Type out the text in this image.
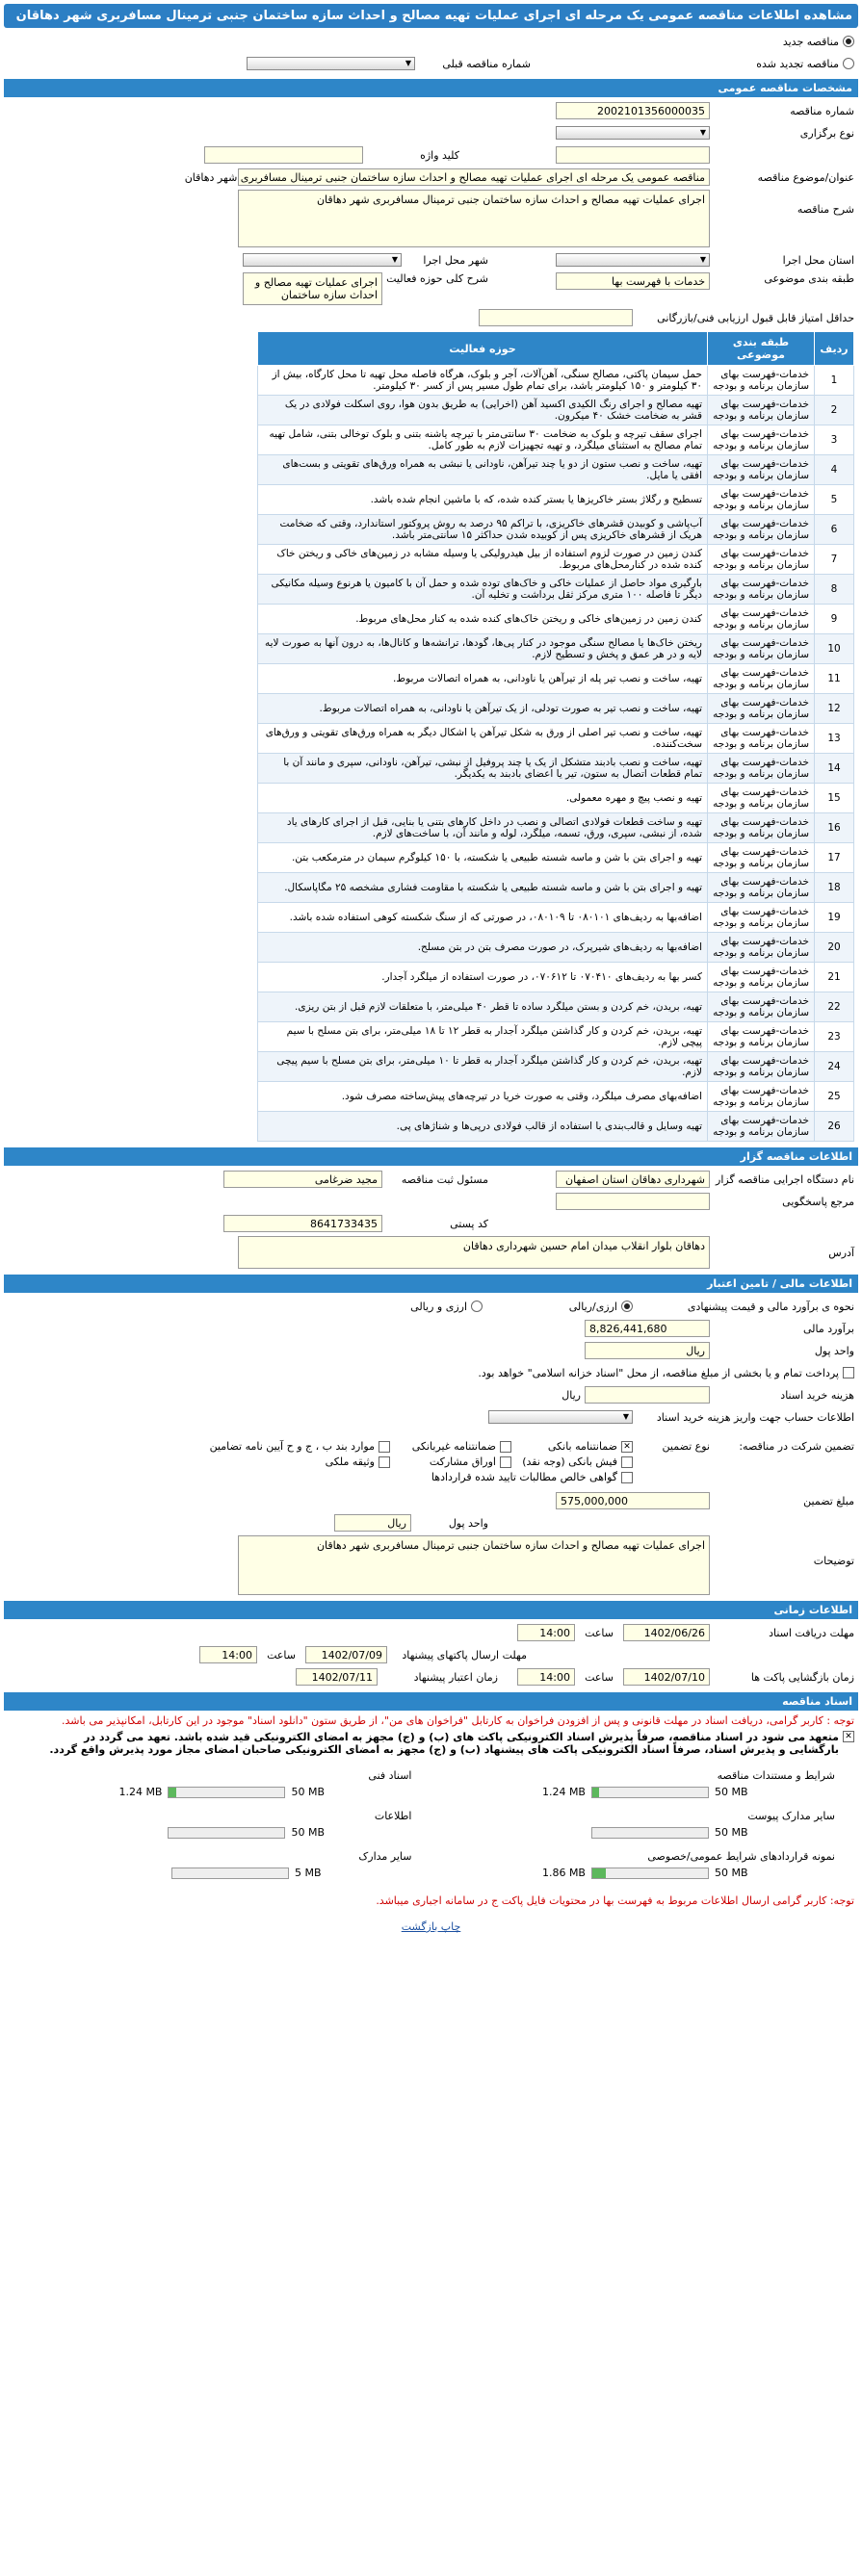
مشاهده اطلاعات مناقصه عمومی یک مرحله ای اجرای عملیات تهیه مصالح و احداث سازه ساختمان جنبی ترمینال مسافربری شهر دهاقان
مناقصه جدید
مناقصه تجدید شده
شماره مناقصه قبلی
▼
مشخصات مناقصه عمومی
شماره مناقصه
2002101356000035
نوع برگزاری
▼
کلید واژه
عنوان/موضوع مناقصه
مناقصه عمومی یک مرحله ای اجرای عملیات تهیه مصالح و احداث سازه ساختمان جنبی ترمینال مسافربری شهر دهاقان
شرح مناقصه
اجرای عملیات تهیه مصالح و احداث سازه ساختمان جنبی ترمینال مسافربری شهر دهاقان
استان محل اجرا
▼
شهر محل اجرا
▼
طبقه بندی موضوعی
خدمات با فهرست بها
شرح کلی حوزه فعالیت
اجرای عملیات تهیه مصالح و احداث سازه ساختمان
حداقل امتیاز قابل قبول ارزیابی فنی/بازرگانی
ردیف	طبقه بندی موضوعی	حوزه فعالیت
1	خدمات-فهرست بهای سازمان برنامه و بودجه	حمل سیمان پاکتی، مصالح سنگی، آهن‌آلات، آجر و بلوک، هرگاه فاصله محل تهیه تا محل کارگاه، بیش از ۳۰ کیلومتر و ۱۵۰ کیلومتر باشد، برای تمام طول مسیر پس از کسر ۳۰ کیلومتر.
2	خدمات-فهرست بهای سازمان برنامه و بودجه	تهیه مصالح و اجرای رنگ الکیدی اکسید آهن (اخرایی) به طریق بدون هوا، روی اسکلت فولادی در یک قشر به ضخامت خشک ۴۰ میکرون.
3	خدمات-فهرست بهای سازمان برنامه و بودجه	اجرای سقف تیرچه و بلوک به ضخامت ۳۰ سانتی‌متر با تیرچه یاشنه بتنی و بلوک توخالی بتنی، شامل تهیه تمام مصالح به استثنای میلگرد، و تهیه تجهیزات لازم به طور کامل.
4	خدمات-فهرست بهای سازمان برنامه و بودجه	تهیه، ساخت و نصب ستون از دو یا چند تیرآهن، ناودانی یا نبشی به همراه ورق‌های تقویتی و بست‌های افقی یا مایل.
5	خدمات-فهرست بهای سازمان برنامه و بودجه	تسطیح و رگلاژ بستر خاکریزها یا بستر کنده شده، که با ماشین انجام شده باشد.
6	خدمات-فهرست بهای سازمان برنامه و بودجه	آب‌پاشی و کوبیدن قشرهای خاکریزی، با تراکم ۹۵ درصد به روش پروکتور استاندارد، وقتی که ضخامت هریک از قشرهای خاکریزی پس از کوبیده شدن حداکثر ۱۵ سانتی‌متر باشد.
7	خدمات-فهرست بهای سازمان برنامه و بودجه	کندن زمین در صورت لزوم استفاده از بیل هیدرولیکی یا وسیله مشابه در زمین‌های خاکی و ریختن خاک کنده شده در کنارمحل‌های مربوط.
8	خدمات-فهرست بهای سازمان برنامه و بودجه	بارگیری مواد حاصل از عملیات خاکی و خاک‌های توده شده و حمل آن با کامیون یا هرنوع وسیله مکانیکی دیگر تا فاصله ۱۰۰ متری مرکز ثقل برداشت و تخلیه آن.
9	خدمات-فهرست بهای سازمان برنامه و بودجه	کندن زمین در زمین‌های خاکی و ریختن خاک‌های کنده شده به کنار محل‌های مربوط.
10	خدمات-فهرست بهای سازمان برنامه و بودجه	ریختن خاک‌ها یا مصالح سنگی موجود در کنار پی‌ها، گودها، ترانشه‌ها و کانال‌ها، به درون آنها به صورت لایه لایه و در هر عمق و پخش و تسطیح لازم.
11	خدمات-فهرست بهای سازمان برنامه و بودجه	تهیه، ساخت و نصب تیر پله از تیرآهن یا ناودانی، به همراه اتصالات مربوط.
12	خدمات-فهرست بهای سازمان برنامه و بودجه	تهیه، ساخت و نصب تیر به صورت تودلی، از یک تیرآهن یا ناودانی، به همراه اتصالات مربوط.
13	خدمات-فهرست بهای سازمان برنامه و بودجه	تهیه، ساخت و نصب تیر اصلی از ورق به شکل تیرآهن یا اشکال دیگر به همراه ورق‌های تقویتی و ورق‌های سخت‌کننده.
14	خدمات-فهرست بهای سازمان برنامه و بودجه	تهیه، ساخت و نصب بادبند متشکل از یک یا چند پروفیل از نبشی، تیرآهن، ناودانی، سپری و مانند آن با تمام قطعات اتصال به ستون، تیر یا اعضای بادبند به یکدیگر.
15	خدمات-فهرست بهای سازمان برنامه و بودجه	تهیه و نصب پیچ و مهره معمولی.
16	خدمات-فهرست بهای سازمان برنامه و بودجه	تهیه و ساخت قطعات فولادی اتصالی و نصب در داخل کارهای بتنی یا بنایی، قبل از اجرای کارهای یاد شده، از نبشی، سپری، ورق، تسمه، میلگرد، لوله و مانند آن، با ساخت‌های لازم.
17	خدمات-فهرست بهای سازمان برنامه و بودجه	تهیه و اجرای بتن با شن و ماسه شسته طبیعی یا شکسته، با ۱۵۰ کیلوگرم سیمان در مترمکعب بتن.
18	خدمات-فهرست بهای سازمان برنامه و بودجه	تهیه و اجرای بتن با شن و ماسه شسته طبیعی یا شکسته با مقاومت فشاری مشخصه ۲۵ مگاپاسکال.
19	خدمات-فهرست بهای سازمان برنامه و بودجه	اضافه‌بها به ردیف‌های ۰۸۰۱۰۱ تا ۰۸۰۱۰۹، در صورتی که از سنگ شکسته کوهی استفاده شده باشد.
20	خدمات-فهرست بهای سازمان برنامه و بودجه	اضافه‌بها به ردیف‌های شیرپرک، در صورت مصرف بتن در بتن مسلح.
21	خدمات-فهرست بهای سازمان برنامه و بودجه	کسر بها به ردیف‌های ۰۷۰۴۱۰ تا ۰۷۰۶۱۲، در صورت استفاده از میلگرد آجدار.
22	خدمات-فهرست بهای سازمان برنامه و بودجه	تهیه، بریدن، خم کردن و بستن میلگرد ساده تا قطر ۴۰ میلی‌متر، با متعلقات لازم قبل از بتن ریزی.
23	خدمات-فهرست بهای سازمان برنامه و بودجه	تهیه، بریدن، خم کردن و کار گذاشتن میلگرد آجدار به قطر ۱۲ تا ۱۸ میلی‌متر، برای بتن مسلح با سیم پیچی لازم.
24	خدمات-فهرست بهای سازمان برنامه و بودجه	تهیه، بریدن، خم کردن و کار گذاشتن میلگرد آجدار به قطر تا ۱۰ میلی‌متر، برای بتن مسلح با سیم پیچی لازم.
25	خدمات-فهرست بهای سازمان برنامه و بودجه	اضافه‌بهای مصرف میلگرد، وقتی به صورت خریا در تیرچه‌های پیش‌ساخته مصرف شود.
26	خدمات-فهرست بهای سازمان برنامه و بودجه	تهیه وسایل و قالب‌بندی با استفاده از قالب فولادی درپی‌ها و شناژهای پی.
اطلاعات مناقصه گزار
نام دستگاه اجرایی مناقصه گزار
شهرداری دهاقان استان اصفهان
مسئول ثبت مناقصه
مجید ضرغامی
مرجع پاسخگویی
کد پستی
8641733435
آدرس
دهاقان بلوار انقلاب میدان امام حسین شهرداری دهاقان
اطلاعات مالی / تامین اعتبار
نحوه ی برآورد مالی و قیمت پیشنهادی
ارزی/ریالی
ارزی و ریالی
برآورد مالی
8,826,441,680
واحد پول
ریال
پرداخت تمام و یا بخشی از مبلغ مناقصه، از محل "اسناد خزانه اسلامی" خواهد بود.
هزینه خرید اسناد
ریال
اطلاعات حساب جهت واریز هزینه خرید اسناد
▼
تضمین شرکت در مناقصه:
نوع تضمین
✕
ضمانتنامه بانکی
ضمانتنامه غیربانکی
موارد بند ب ، ج و ح آیین نامه تضامین
فیش بانکی (وجه نقد)
اوراق مشارکت
وثیقه ملکی
گواهی خالص مطالبات تایید شده قراردادها
مبلغ تضمین
575,000,000
واحد پول
ریال
توضیحات
اجرای عملیات تهیه مصالح و احداث سازه ساختمان جنبی ترمینال مسافربری شهر دهاقان
اطلاعات زمانی
مهلت دریافت اسناد
1402/06/26
ساعت
14:00
مهلت ارسال پاکتهای پیشنهاد
1402/07/09
ساعت
14:00
زمان بازگشایی پاکت ها
1402/07/10
ساعت
14:00
زمان اعتبار پیشنهاد
1402/07/11
اسناد مناقصه
توجه : کاربر گرامی، دریافت اسناد در مهلت قانونی و پس از افزودن فراخوان به کارتابل "فراخوان های من"، از طریق ستون "دانلود اسناد" موجود در این کارتابل، امکانپذیر می باشد.
✕
متعهد می شود در اسناد مناقصه، صرفاً پذیرش اسناد الکترونیکی پاکت های (ب) و (ج) مجهز به امضای الکترونیکی قید شده باشد. تعهد می گردد در بارگشایی و پذیرش اسناد، صرفاً اسناد الکترونیکی پاکت های پیشنهاد (ب) و (ج) مجهز به امضای الکترونیکی صاحبان امضای مجاز مورد پذیرش واقع گردد.
شرایط و مستندات مناقصه
1.24 MB	50 MB
اسناد فنی
1.24 MB	50 MB
سایر مدارک پیوست
50 MB
اطلاعات
50 MB
نمونه قراردادهای شرایط عمومی/خصوصی
1.86 MB	50 MB
سایر مدارک
5 MB
توجه: کاربر گرامی ارسال اطلاعات مربوط به فهرست بها در محتویات فایل پاکت ج در سامانه اجباری میباشد.
چاپ بازگشت
